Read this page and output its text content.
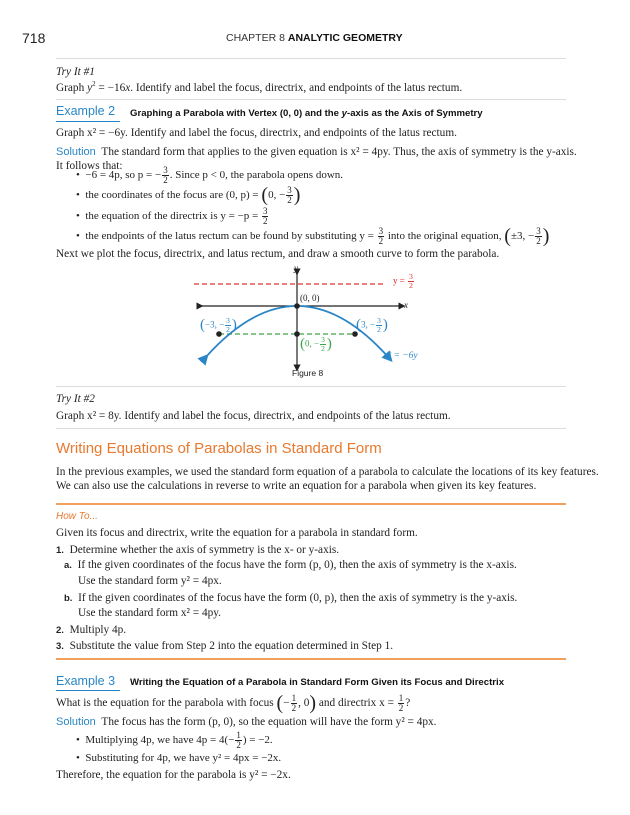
718	CHAPTER 8 ANALYTIC GEOMETRY
Try It #1
Graph $y^2 = -16x$. Identify and label the focus, directrix, and endpoints of the latus rectum.
Example 2 Graphing a Parabola with Vertex (0, 0) and the y-axis as the Axis of Symmetry
Graph x² = −6y. Identify and label the focus, directrix, and endpoints of the latus rectum.
Solution The standard form that applies to the given equation is x² = 4py. Thus, the axis of symmetry is the y-axis.
It follows that:
•  −6 = 4p, so p = − $\frac{3}{2}$ . Since p < 0, the parabola opens down.
•  the coordinates of the focus are (0, p) = (0, − $\frac{3}{2}$ )
•  the equation of the directrix is $y = -p = \frac{3}{2}$
•  the endpoints of the latus rectum can be found by substituting $y = \frac{3}{2}$ into the original equation, (±3, − $\frac{3}{2}$ )
Next we plot the focus, directrix, and latus rectum, and draw a smooth curve to form the parabola.
y
x
(0, 0)
$y = \frac{3}{2}$
(−3, − $\frac{3}{2}$ )	(3, − $\frac{3}{2}$ )
(0, − $\frac{3}{2}$ )
x² = −6y
Figure 8
Try It #2
Graph x² = 8y. Identify and label the focus, directrix, and endpoints of the latus rectum.
Writing Equations of Parabolas in Standard Form
In the previous examples, we used the standard form equation of a parabola to calculate the locations of its key features.
We can also use the calculations in reverse to write an equation for a parabola when given its key features.
How To...
Given its focus and directrix, write the equation for a parabola in standard form.
1. Determine whether the axis of symmetry is the x- or y-axis.
a. If the given coordinates of the focus have the form (p, 0), then the axis of symmetry is the x-axis.
Use the standard form y² = 4px.
b. If the given coordinates of the focus have the form (0, p), then the axis of symmetry is the y-axis.
Use the standard form x² = 4py.
2. Multiply 4p.
3. Substitute the value from Step 2 into the equation determined in Step 1.
Example 3 Writing the Equation of a Parabola in Standard Form Given its Focus and Directrix
What is the equation for the parabola with focus (− $\frac{1}{2}$ , 0) and directrix $x = \frac{1}{2}$ ?
Solution The focus has the form (p, 0), so the equation will have the form y² = 4px.
•  Multiplying 4p, we have $4p = 4(- \frac{1}{2}$ ) = −2.
•  Substituting for 4p, we have y² = 4px = −2x.
Therefore, the equation for the parabola is y² = −2x.
